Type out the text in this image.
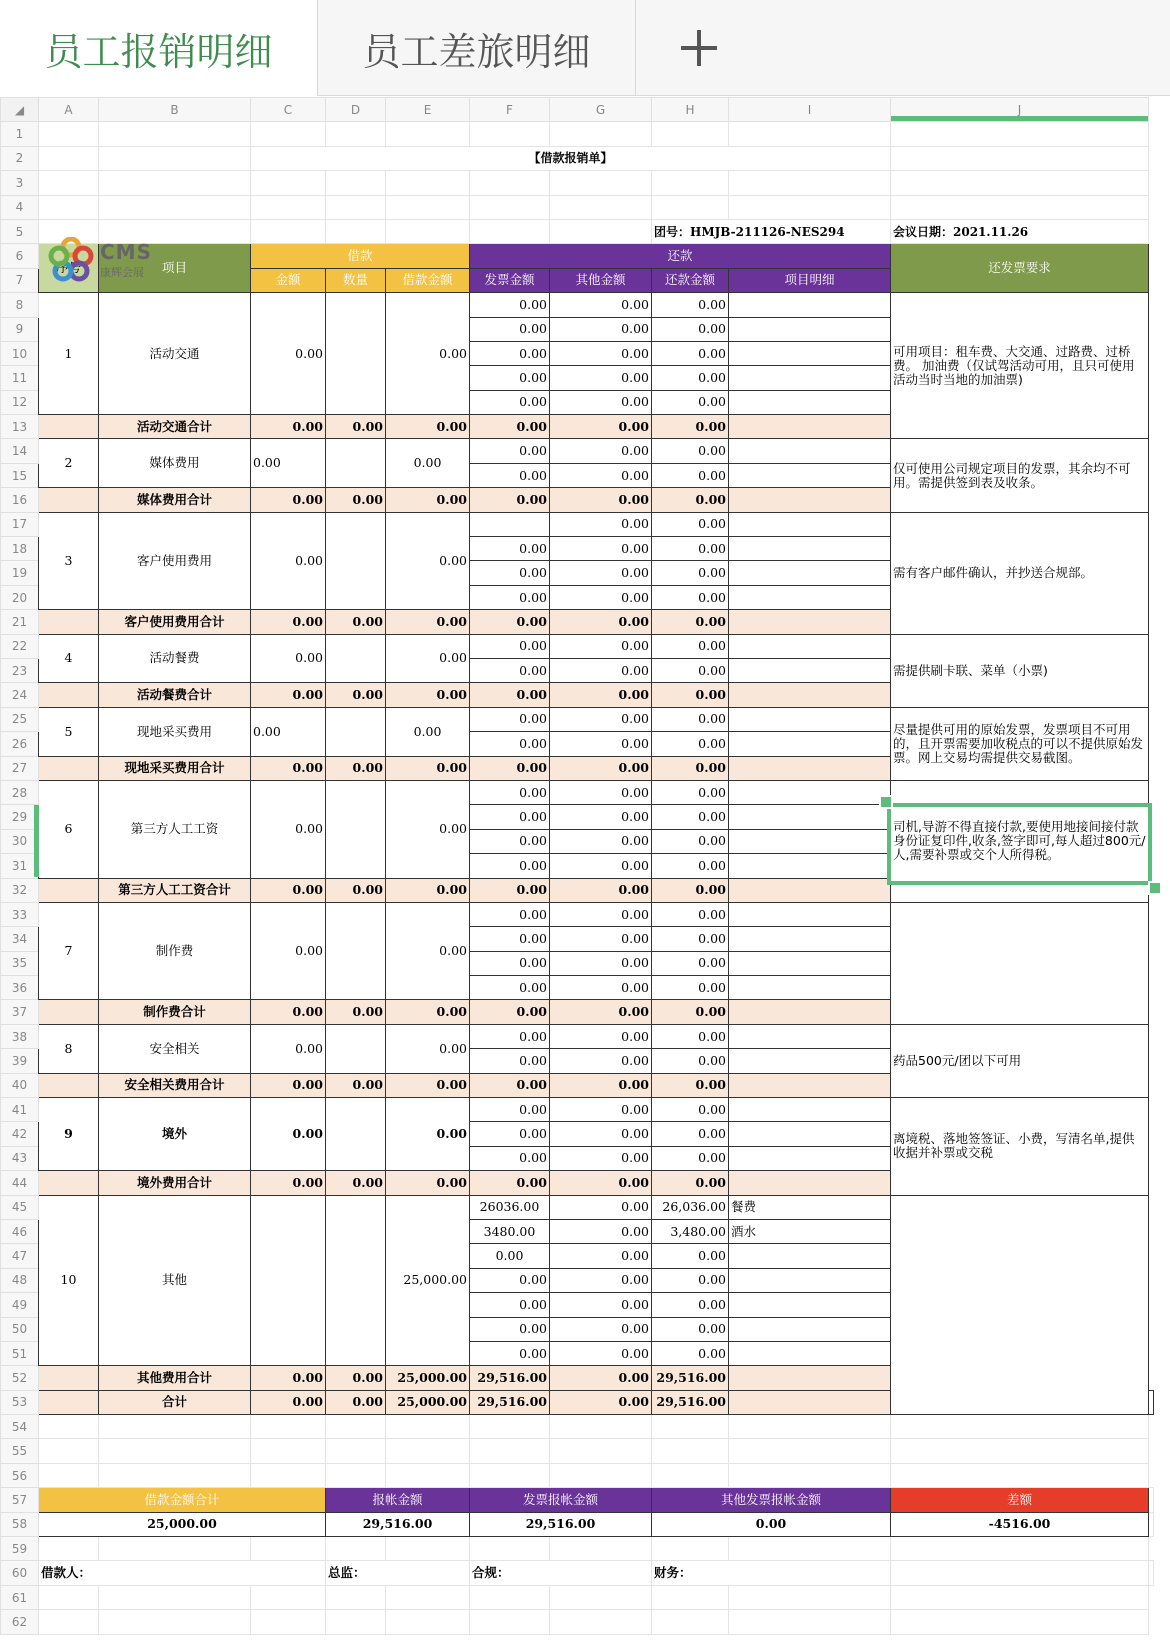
员工报销明细 员工差旅明细
◢	A	B	C	D	E	F	G	H	I	J	
1											
2			【借款报销单】								
3											
4											
5								团号：HMJB-211126-NES294		会议日期：2021.11.26	
6	序号	项目	借款			还款				还发票要求	
7			金额	数量	借款金额	发票金额	其他金额	还款金额	项目明细		
8	1	活动交通	0.00		0.00	0.00	0.00	0.00		可用项目：租车费、大交通、过路费、过桥费。 加油费（仅试驾活动可用，且只可使用活动当时当地的加油票)	
9						0.00	0.00	0.00			
10						0.00	0.00	0.00			
11						0.00	0.00	0.00			
12						0.00	0.00	0.00			
13		活动交通合计	0.00	0.00	0.00	0.00	0.00	0.00			
14	2	媒体费用	0.00		0.00	0.00	0.00	0.00		仅可使用公司规定项目的发票，其余均不可用。需提供签到表及收条。	
15						0.00	0.00	0.00			
16		媒体费用合计	0.00	0.00	0.00	0.00	0.00	0.00			
17	3	客户使用费用	0.00		0.00		0.00	0.00		需有客户邮件确认，并抄送合规部。	
18						0.00	0.00	0.00			
19						0.00	0.00	0.00			
20						0.00	0.00	0.00			
21		客户使用费用合计	0.00	0.00	0.00	0.00	0.00	0.00			
22	4	活动餐费	0.00		0.00	0.00	0.00	0.00		需提供刷卡联、菜单（小票)	
23						0.00	0.00	0.00			
24		活动餐费合计	0.00	0.00	0.00	0.00	0.00	0.00			
25	5	现地采买费用	0.00		0.00	0.00	0.00	0.00		尽量提供可用的原始发票，发票项目不可用的，且开票需要加收税点的可以不提供原始发票。网上交易均需提供交易截图。	
26						0.00	0.00	0.00			
27		现地采买费用合计	0.00	0.00	0.00	0.00	0.00	0.00			
28	6	第三方人工工资	0.00		0.00	0.00	0.00	0.00		司机,导游不得直接付款,要使用地接间接付款身份证复印件,收条,签字即可,每人超过800元/人,需要补票或交个人所得税。	
29						0.00	0.00	0.00			
30						0.00	0.00	0.00			
31						0.00	0.00	0.00			
32		第三方人工工资合计	0.00	0.00	0.00	0.00	0.00	0.00			
33	7	制作费	0.00		0.00	0.00	0.00	0.00			
34						0.00	0.00	0.00			
35						0.00	0.00	0.00			
36						0.00	0.00	0.00			
37		制作费合计	0.00	0.00	0.00	0.00	0.00	0.00			
38	8	安全相关	0.00		0.00	0.00	0.00	0.00		药品500元/团以下可用	
39						0.00	0.00	0.00			
40		安全相关费用合计	0.00	0.00	0.00	0.00	0.00	0.00			
41	9	境外	0.00		0.00	0.00	0.00	0.00		离境税、落地签签证、小费，写清名单,提供收据并补票或交税	
42						0.00	0.00	0.00			
43						0.00	0.00	0.00			
44		境外费用合计	0.00	0.00	0.00	0.00	0.00	0.00			
45	10	其他			25,000.00	26036.00	0.00	26,036.00	餐费		
46						3480.00	0.00	3,480.00	酒水		
47						0.00	0.00	0.00			
48						0.00	0.00	0.00			
49						0.00	0.00	0.00			
50						0.00	0.00	0.00			
51						0.00	0.00	0.00			
52		其他费用合计	0.00	0.00	25,000.00	29,516.00	0.00	29,516.00			
53		合计	0.00	0.00	25,000.00	29,516.00	0.00	29,516.00			
54											
55											
56											
57	借款金额合计			报帐金额		发票报帐金额		其他发票报帐金额		差额	
58	25,000.00			29,516.00		29,516.00		0.00		-4516.00	
59											
60	借款人：			总监：		合规：		财务：			
61											
62											
CMS
康辉会展
